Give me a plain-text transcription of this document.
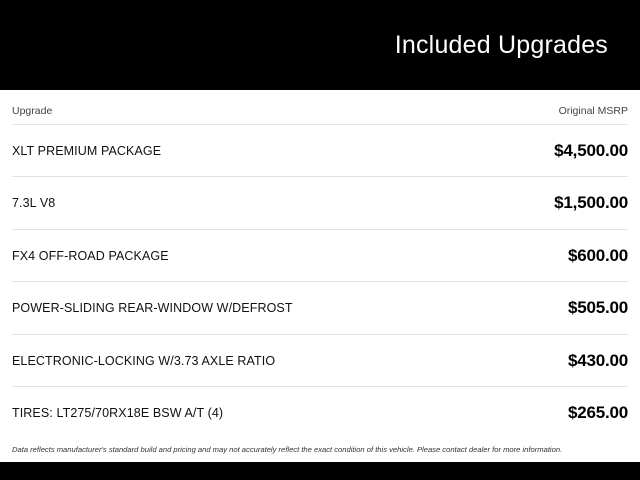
Included Upgrades
Upgrade	Original MSRP
XLT PREMIUM PACKAGE	$4,500.00
7.3L V8	$1,500.00
FX4 OFF-ROAD PACKAGE	$600.00
POWER-SLIDING REAR-WINDOW W/DEFROST	$505.00
ELECTRONIC-LOCKING W/3.73 AXLE RATIO	$430.00
TIRES: LT275/70RX18E BSW A/T (4)	$265.00
Data reflects manufacturer's standard build and pricing and may not accurately reflect the exact condition of this vehicle. Please contact dealer for more information.
